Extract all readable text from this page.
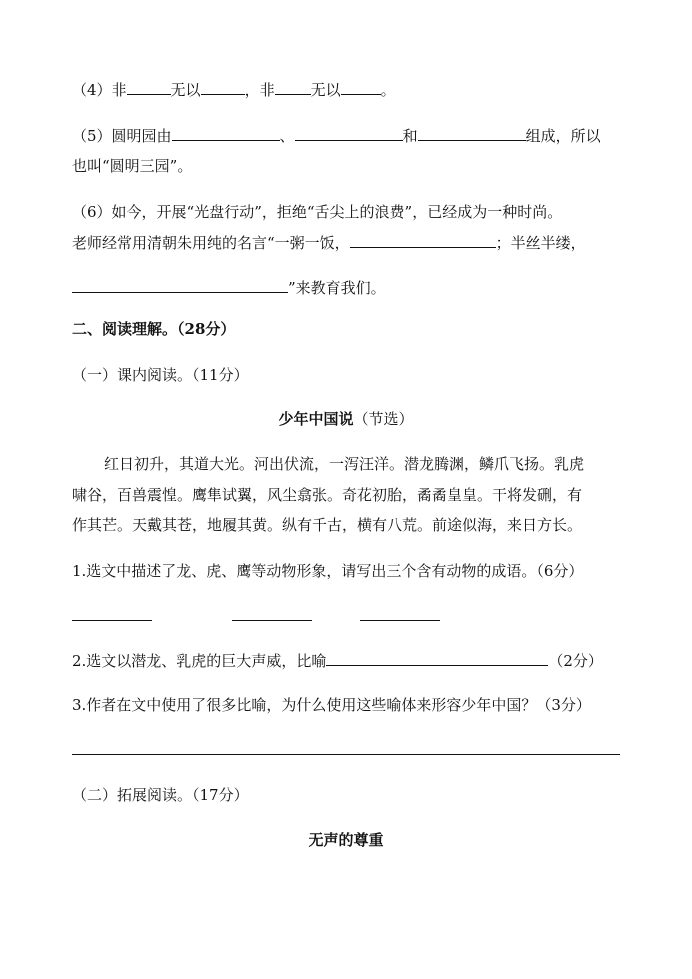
（4）非	无以	，非 无以	。
（5）圆明园由	、	和	组成，所以
也叫“圆明三园”。
（6）如今，开展“光盘行动”，拒绝“舌尖上的浪费”，已经成为一种时尚。
老师经常用清朝朱用纯的名言“一粥一饭，	；半丝半缕，
”来教育我们。
二、阅读理解。（28分）
（一）课内阅读。（11分）
少年中国说（节选）
红日初升，其道大光。河出伏流，一泻汪洋。潜龙腾渊，鳞爪飞扬。乳虎
啸谷，百兽震惶。鹰隼试翼，风尘翕张。奇花初胎，矞矞皇皇。干将发硎，有
作其芒。天戴其苍，地履其黄。纵有千古，横有八荒。前途似海，来日方长。
1.选文中描述了龙、虎、鹰等动物形象，请写出三个含有动物的成语。（6分）
2.选文以潜龙、乳虎的巨大声威，比喻	（2分）
3.作者在文中使用了很多比喻，为什么使用这些喻体来形容少年中国？（3分）
（二）拓展阅读。（17分）
无声的尊重
